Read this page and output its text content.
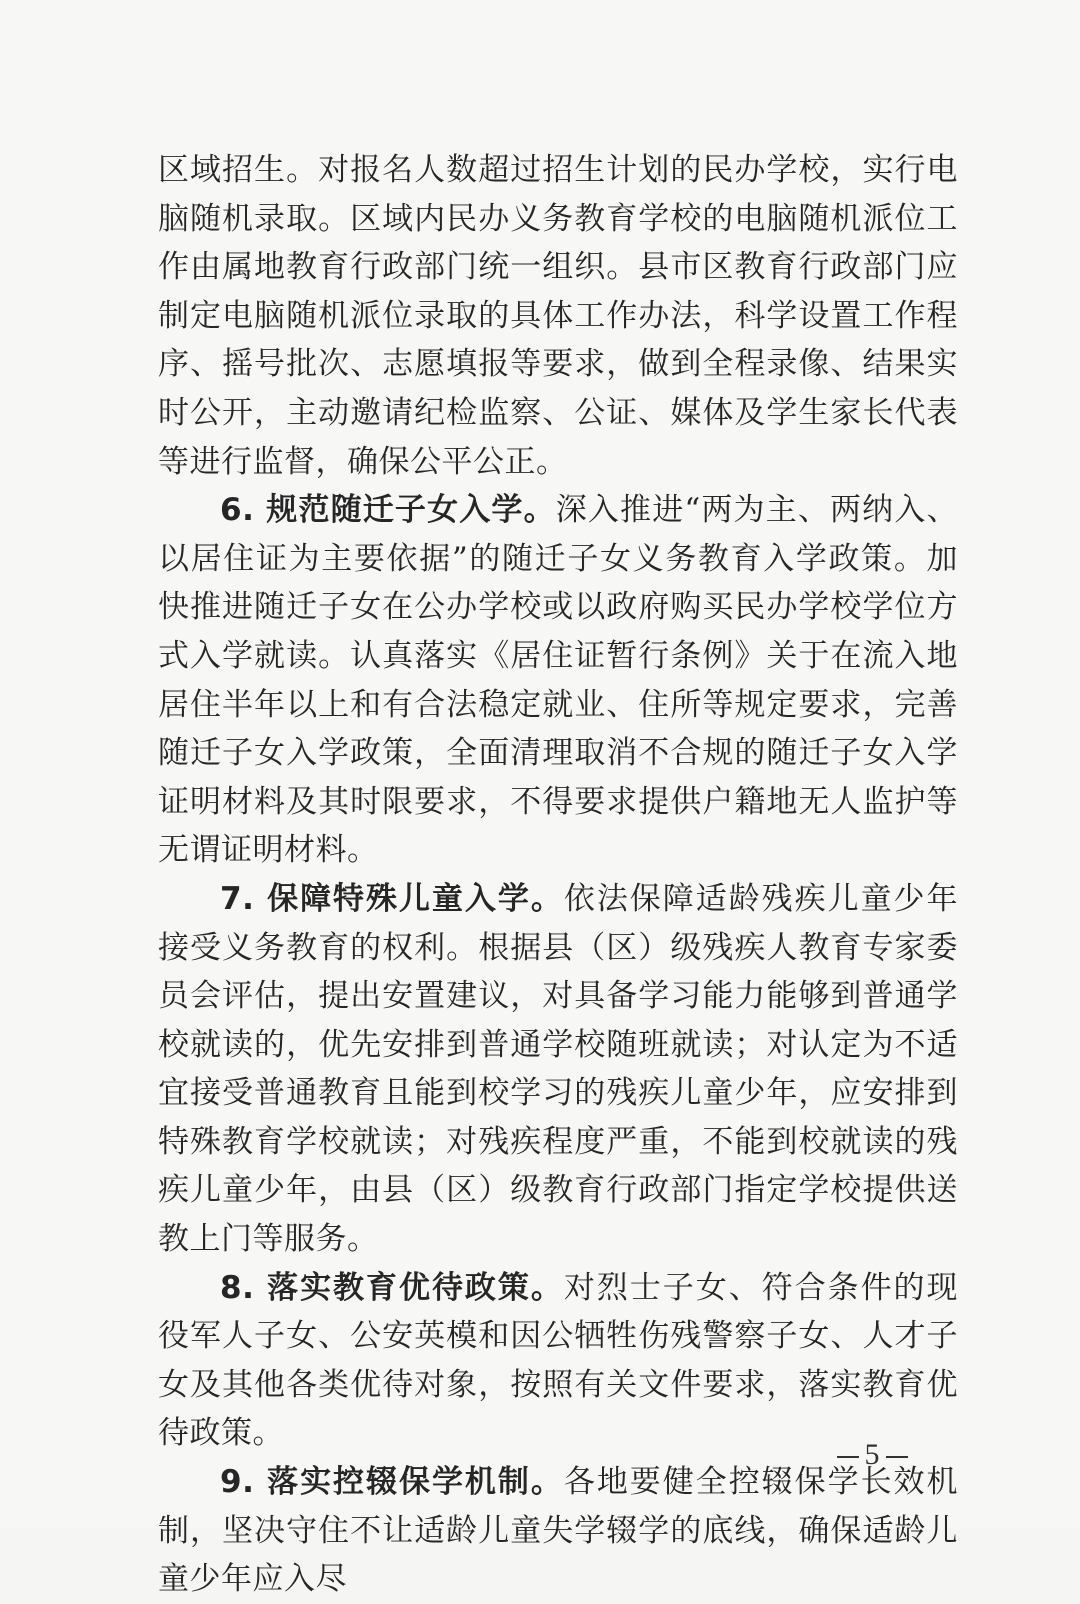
区域招生。对报名人数超过招生计划的民办学校，实行电脑随机录取。区域内民办义务教育学校的电脑随机派位工作由属地教育行政部门统一组织。县市区教育行政部门应制定电脑随机派位录取的具体工作办法，科学设置工作程序、摇号批次、志愿填报等要求，做到全程录像、结果实时公开，主动邀请纪检监察、公证、媒体及学生家长代表等进行监督，确保公平公正。

6. 规范随迁子女入学。深入推进“两为主、两纳入、以居住证为主要依据”的随迁子女义务教育入学政策。加快推进随迁子女在公办学校或以政府购买民办学校学位方式入学就读。认真落实《居住证暂行条例》关于在流入地居住半年以上和有合法稳定就业、住所等规定要求，完善随迁子女入学政策，全面清理取消不合规的随迁子女入学证明材料及其时限要求，不得要求提供户籍地无人监护等无谓证明材料。

7. 保障特殊儿童入学。依法保障适龄残疾儿童少年接受义务教育的权利。根据县（区）级残疾人教育专家委员会评估，提出安置建议，对具备学习能力能够到普通学校就读的，优先安排到普通学校随班就读；对认定为不适宜接受普通教育且能到校学习的残疾儿童少年，应安排到特殊教育学校就读；对残疾程度严重，不能到校就读的残疾儿童少年，由县（区）级教育行政部门指定学校提供送教上门等服务。

8. 落实教育优待政策。对烈士子女、符合条件的现役军人子女、公安英模和因公牺牲伤残警察子女、人才子女及其他各类优待对象，按照有关文件要求，落实教育优待政策。

9. 落实控辍保学机制。各地要健全控辍保学长效机制，坚决守住不让适龄儿童失学辍学的底线，确保适龄儿童少年应入尽

5
